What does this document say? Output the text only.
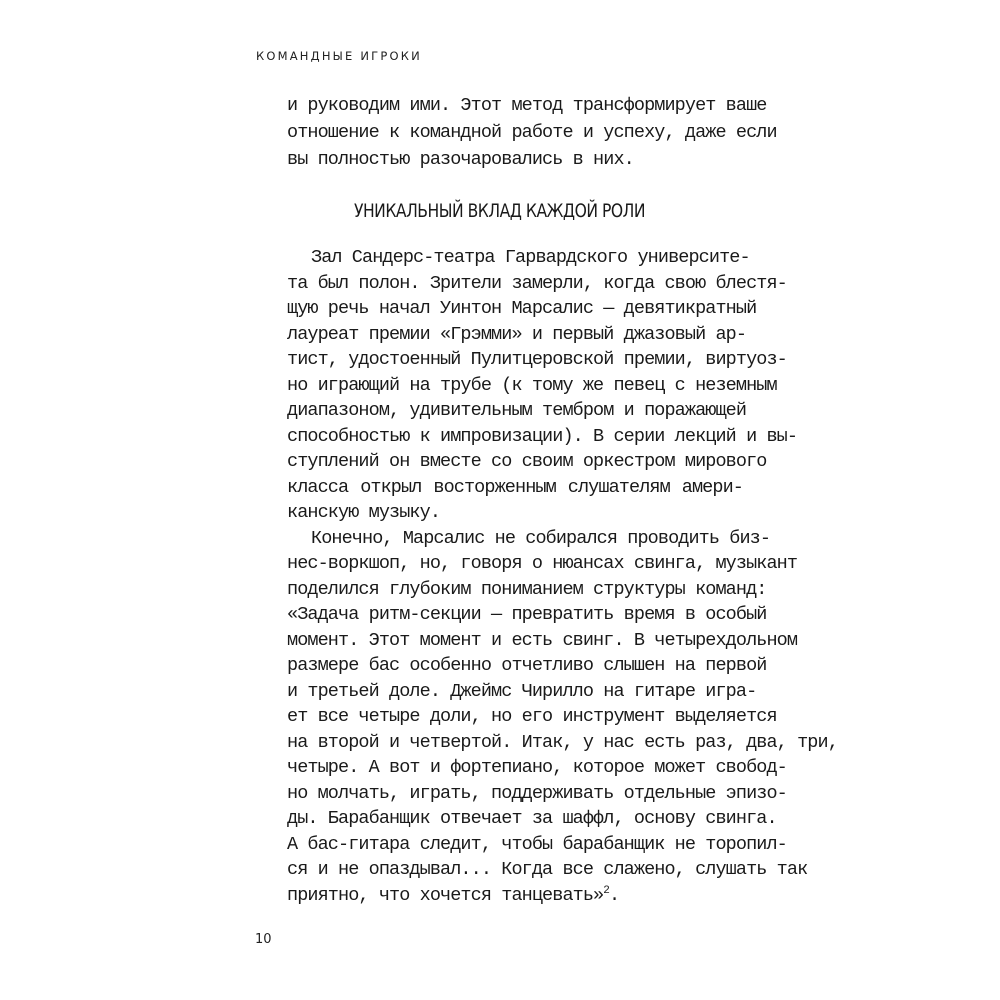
КОМАНДНЫЕ ИГРОКИ
и руководим ими. Этот метод трансформирует ваше
отношение к командной работе и успеху, даже если
вы полностью разочаровались в них.
УНИКАЛЬНЫЙ ВКЛАД КАЖДОЙ РОЛИ
Зал Сандерс-театра Гарвардского университе-
та был полон. Зрители замерли, когда свою блестя-
щую речь начал Уинтон Марсалис — девятикратный
лауреат премии «Грэмми» и первый джазовый ар-
тист, удостоенный Пулитцеровской премии, виртуоз-
но играющий на трубе (к тому же певец с неземным
диапазоном, удивительным тембром и поражающей
способностью к импровизации). В серии лекций и вы-
ступлений он вместе со своим оркестром мирового
класса открыл восторженным слушателям амери-
канскую музыку.
Конечно, Марсалис не собирался проводить биз-
нес-воркшоп, но, говоря о нюансах свинга, музыкант
поделился глубоким пониманием структуры команд:
«Задача ритм-секции — превратить время в особый
момент. Этот момент и есть свинг. В четырехдольном
размере бас особенно отчетливо слышен на первой
и третьей доле. Джеймс Чирилло на гитаре игра-
ет все четыре доли, но его инструмент выделяется
на второй и четвертой. Итак, у нас есть раз, два, три,
четыре. А вот и фортепиано, которое может свобод-
но молчать, играть, поддерживать отдельные эпизо-
ды. Барабанщик отвечает за шаффл, основу свинга.
А бас-гитара следит, чтобы барабанщик не торопил-
ся и не опаздывал... Когда все слажено, слушать так
приятно, что хочется танцевать»$^2$.
10
